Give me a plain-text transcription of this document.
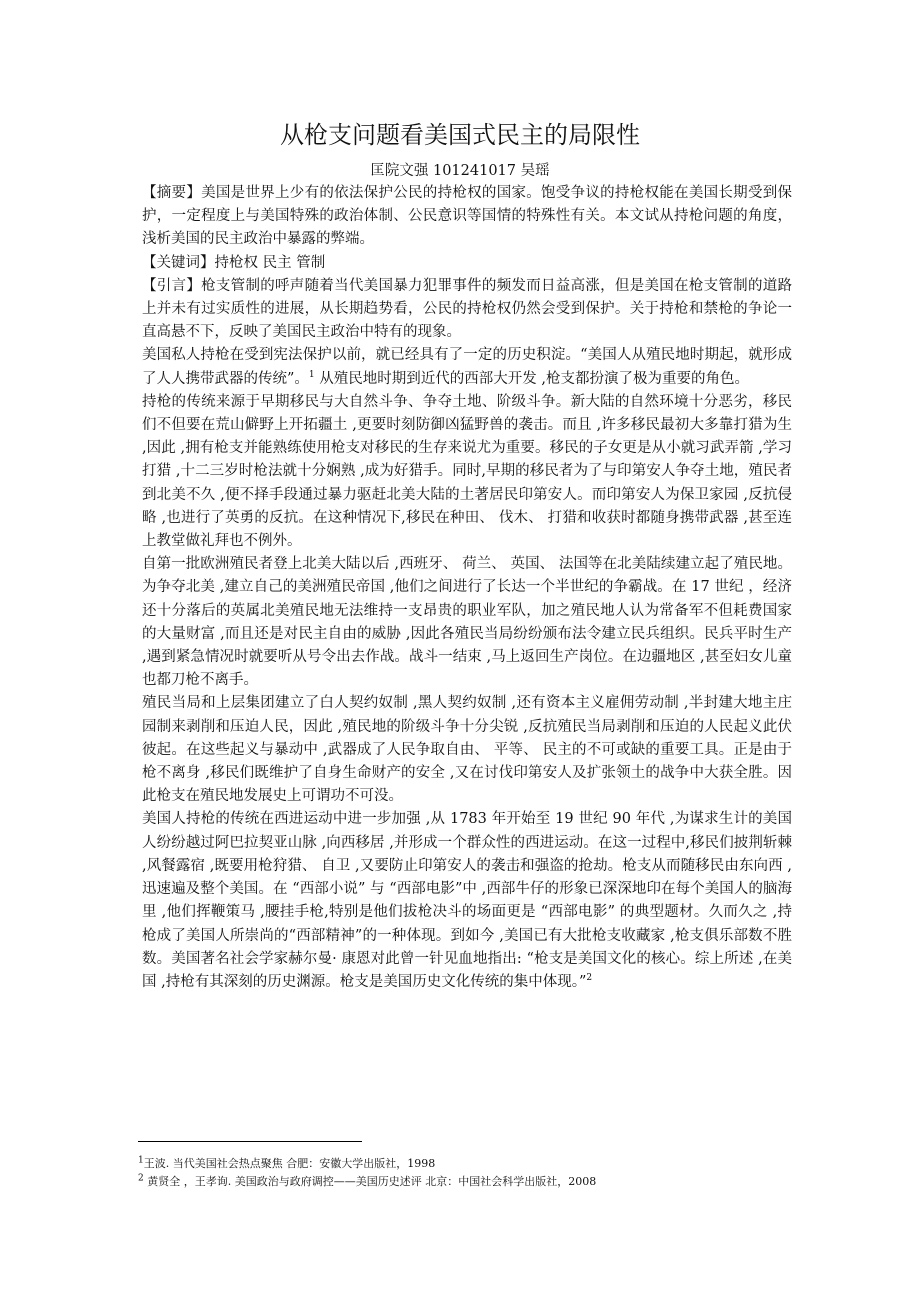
从枪支问题看美国式民主的局限性
匡院文强 101241017 吴瑶

【摘要】美国是世界上少有的依法保护公民的持枪权的国家。饱受争议的持枪权能在美国长期受到保护，一定程度上与美国特殊的政治体制、公民意识等国情的特殊性有关。本文试从持枪问题的角度，浅析美国的民主政治中暴露的弊端。

【关键词】持枪权 民主 管制

【引言】枪支管制的呼声随着当代美国暴力犯罪事件的频发而日益高涨，但是美国在枪支管制的道路上并未有过实质性的进展，从长期趋势看，公民的持枪权仍然会受到保护。关于持枪和禁枪的争论一直高悬不下，反映了美国民主政治中特有的现象。

美国私人持枪在受到宪法保护以前，就已经具有了一定的历史积淀。“美国人从殖民地时期起，就形成了人人携带武器的传统”。$^1$ 从殖民地时期到近代的西部大开发 ,枪支都扮演了极为重要的角色。

持枪的传统来源于早期移民与大自然斗争、争夺土地、阶级斗争。新大陆的自然环境十分恶劣，移民们不但要在荒山僻野上开拓疆土 ,更要时刻防御凶猛野兽的袭击。而且 ,许多移民最初大多靠打猎为生 ,因此 ,拥有枪支并能熟练使用枪支对移民的生存来说尤为重要。移民的子女更是从小就习武弄箭 ,学习打猎 ,十二三岁时枪法就十分娴熟 ,成为好猎手。同时,早期的移民者为了与印第安人争夺土地，殖民者到北美不久 ,便不择手段通过暴力驱赶北美大陆的土著居民印第安人。而印第安人为保卫家园 ,反抗侵略 ,也进行了英勇的反抗。在这种情况下,移民在种田、 伐木、 打猎和收获时都随身携带武器 ,甚至连上教堂做礼拜也不例外。

自第一批欧洲殖民者登上北美大陆以后 ,西班牙、 荷兰、 英国、 法国等在北美陆续建立起了殖民地。为争夺北美 ,建立自己的美洲殖民帝国 ,他们之间进行了长达一个半世纪的争霸战。在 17 世纪 ，经济还十分落后的英属北美殖民地无法维持一支昂贵的职业军队，加之殖民地人认为常备军不但耗费国家的大量财富 ,而且还是对民主自由的威胁 ,因此各殖民当局纷纷颁布法令建立民兵组织。民兵平时生产 ,遇到紧急情况时就要听从号令出去作战。战斗一结束 ,马上返回生产岗位。在边疆地区 ,甚至妇女儿童也都刀枪不离手。

殖民当局和上层集团建立了白人契约奴制 ,黑人契约奴制 ,还有资本主义雇佣劳动制 ,半封建大地主庄园制来剥削和压迫人民，因此 ,殖民地的阶级斗争十分尖锐 ,反抗殖民当局剥削和压迫的人民起义此伏彼起。在这些起义与暴动中 ,武器成了人民争取自由、 平等、 民主的不可或缺的重要工具。正是由于枪不离身 ,移民们既维护了自身生命财产的安全 ,又在讨伐印第安人及扩张领土的战争中大获全胜。因此枪支在殖民地发展史上可谓功不可没。

美国人持枪的传统在西进运动中进一步加强 ,从 1783 年开始至 19 世纪 90 年代 ,为谋求生计的美国人纷纷越过阿巴拉契亚山脉 ,向西移居 ,并形成一个群众性的西进运动。在这一过程中,移民们披荆斩棘 ,风餐露宿 ,既要用枪狩猎、 自卫 ,又要防止印第安人的袭击和强盗的抢劫。枪支从而随移民由东向西 ,迅速遍及整个美国。在 “西部小说” 与 “西部电影”中 ,西部牛仔的形象已深深地印在每个美国人的脑海里 ,他们挥鞭策马 ,腰挂手枪,特别是他们拔枪决斗的场面更是 “西部电影” 的典型题材。久而久之 ,持枪成了美国人所崇尚的“西部精神”的一种体现。到如今 ,美国已有大批枪支收藏家 ,枪支俱乐部数不胜数。美国著名社会学家赫尔曼· 康恩对此曾一针见血地指出: “枪支是美国文化的核心。综上所述 ,在美国 ,持枪有其深刻的历史渊源。枪支是美国历史文化传统的集中体现。”$^2$

$^1$王波. 当代美国社会热点聚焦 合肥：安徽大学出版社，1998
$^2$ 黄贤全 ，王孝询. 美国政治与政府调控——美国历史述评 北京：中国社会科学出版社，2008
